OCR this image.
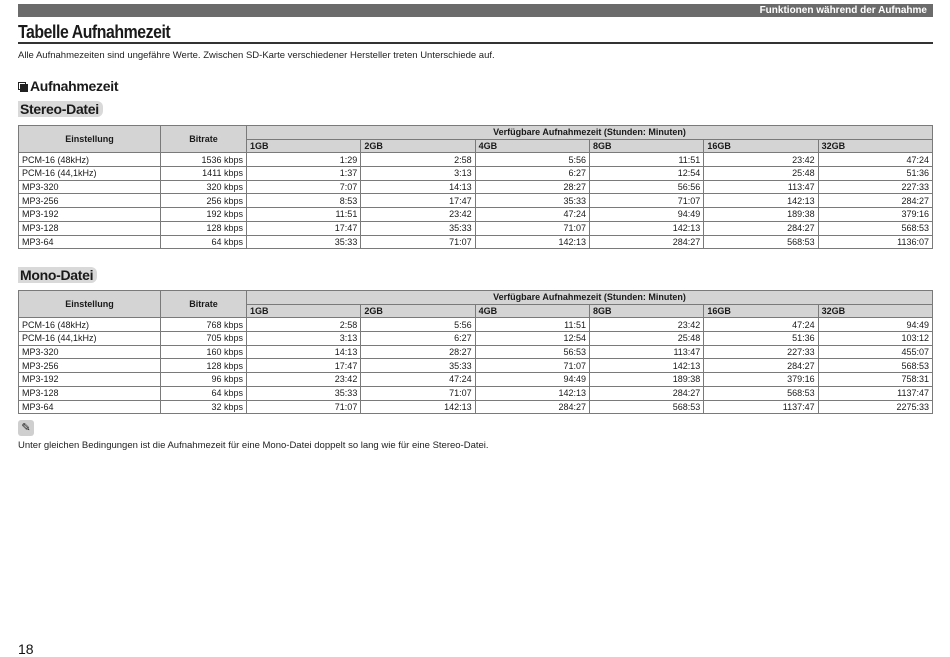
Funktionen während der Aufnahme
Tabelle Aufnahmezeit
Alle Aufnahmezeiten sind ungefähre Werte. Zwischen SD-Karte verschiedener Hersteller treten Unterschiede auf.
Aufnahmezeit
Stereo-Datei
Einstellung	Bitrate	Verfügbare Aufnahmezeit (Stunden: Minuten)					
		1GB	2GB	4GB	8GB	16GB	32GB
PCM-16 (48kHz)	1536 kbps	1:29	2:58	5:56	11:51	23:42	47:24
PCM-16 (44,1kHz)	1411 kbps	1:37	3:13	6:27	12:54	25:48	51:36
MP3-320	320 kbps	7:07	14:13	28:27	56:56	113:47	227:33
MP3-256	256 kbps	8:53	17:47	35:33	71:07	142:13	284:27
MP3-192	192 kbps	11:51	23:42	47:24	94:49	189:38	379:16
MP3-128	128 kbps	17:47	35:33	71:07	142:13	284:27	568:53
MP3-64	64 kbps	35:33	71:07	142:13	284:27	568:53	1136:07
Mono-Datei
Einstellung	Bitrate	Verfügbare Aufnahmezeit (Stunden: Minuten)					
		1GB	2GB	4GB	8GB	16GB	32GB
PCM-16 (48kHz)	768 kbps	2:58	5:56	11:51	23:42	47:24	94:49
PCM-16 (44,1kHz)	705 kbps	3:13	6:27	12:54	25:48	51:36	103:12
MP3-320	160 kbps	14:13	28:27	56:53	113:47	227:33	455:07
MP3-256	128 kbps	17:47	35:33	71:07	142:13	284:27	568:53
MP3-192	96 kbps	23:42	47:24	94:49	189:38	379:16	758:31
MP3-128	64 kbps	35:33	71:07	142:13	284:27	568:53	1137:47
MP3-64	32 kbps	71:07	142:13	284:27	568:53	1137:47	2275:33
✎
Unter gleichen Bedingungen ist die Aufnahmezeit für eine Mono-Datei doppelt so lang wie für eine Stereo-Datei.
18
